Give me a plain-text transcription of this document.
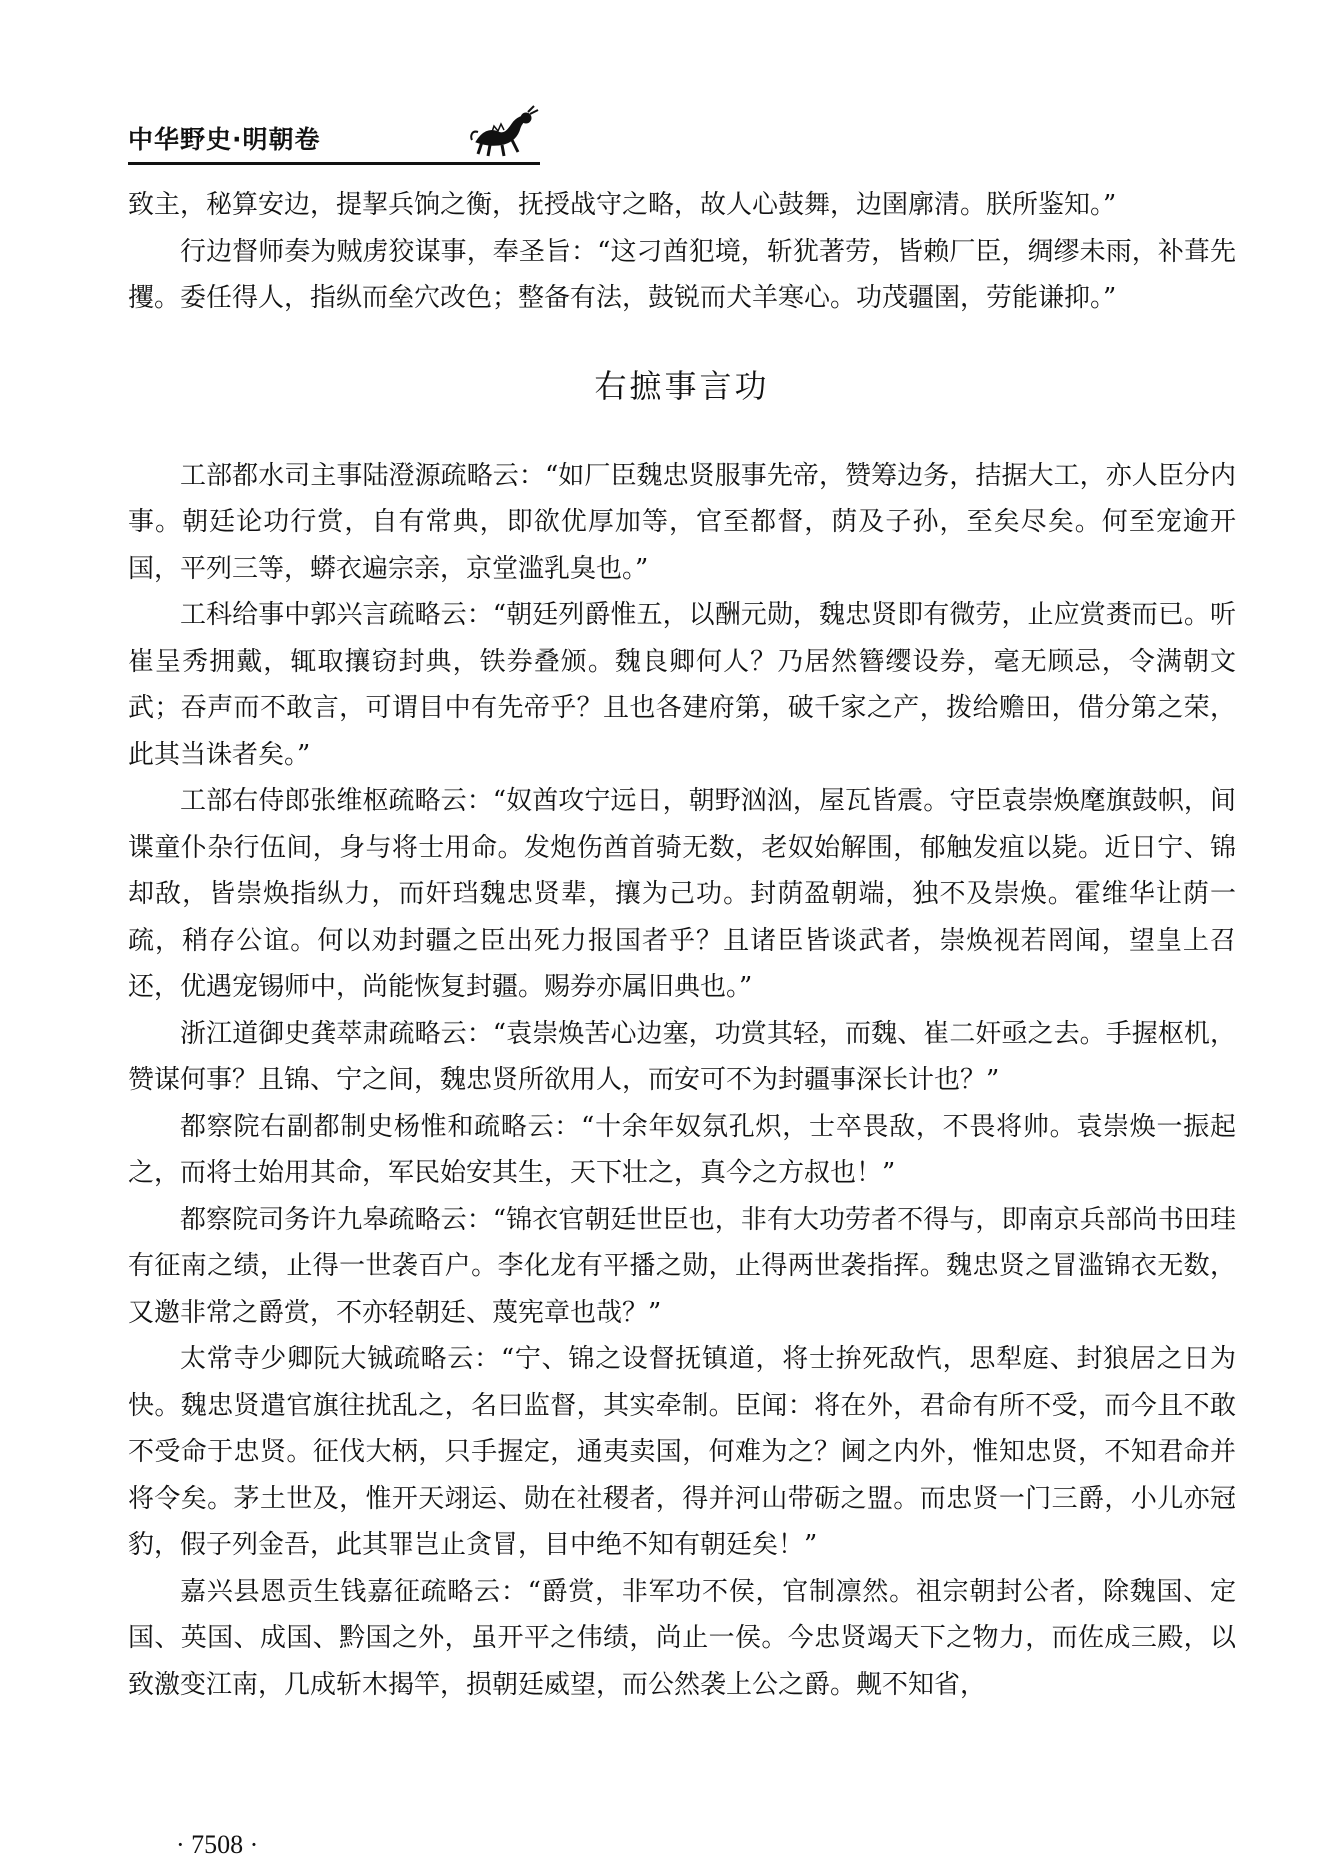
中华野史·明朝卷

致主，秘算安边，提挈兵饷之衡，抚授战守之略，故人心鼓舞，边圉廓清。朕所鉴知。”

行边督师奏为贼虏狡谋事，奉圣旨：“这刁酋犯境，斩犹著劳，皆赖厂臣，绸缪未雨，补葺先攫。委任得人，指纵而垒穴改色；整备有法，鼓锐而犬羊寒心。功茂疆圉，劳能谦抑。”

右摭事言功

工部都水司主事陆澄源疏略云：“如厂臣魏忠贤服事先帝，赞筹边务，拮据大工，亦人臣分内事。朝廷论功行赏，自有常典，即欲优厚加等，官至都督，荫及子孙，至矣尽矣。何至宠逾开国，平列三等，蟒衣遍宗亲，京堂滥乳臭也。”

工科给事中郭兴言疏略云：“朝廷列爵惟五，以酬元勋，魏忠贤即有微劳，止应赏赉而已。听崔呈秀拥戴，辄取攘窃封典，铁券叠颁。魏良卿何人？乃居然簪缨设券，毫无顾忌，令满朝文武；吞声而不敢言，可谓目中有先帝乎？且也各建府第，破千家之产，拨给赡田，借分第之荣，此其当诛者矣。”

工部右侍郎张维枢疏略云：“奴酋攻宁远日，朝野汹汹，屋瓦皆震。守臣袁崇焕麾旗鼓帜，间谍童仆杂行伍间，身与将士用命。发炮伤酋首骑无数，老奴始解围，郁触发疽以毙。近日宁、锦却敌，皆崇焕指纵力，而奸珰魏忠贤辈，攘为己功。封荫盈朝端，独不及崇焕。霍维华让荫一疏，稍存公谊。何以劝封疆之臣出死力报国者乎？且诸臣皆谈武者，崇焕视若罔闻，望皇上召还，优遇宠锡师中，尚能恢复封疆。赐券亦属旧典也。”

浙江道御史龚萃肃疏略云：“袁崇焕苦心边塞，功赏其轻，而魏、崔二奸亟之去。手握枢机，赞谋何事？且锦、宁之间，魏忠贤所欲用人，而安可不为封疆事深长计也？”

都察院右副都制史杨惟和疏略云：“十余年奴氛孔炽，士卒畏敌，不畏将帅。袁崇焕一振起之，而将士始用其命，军民始安其生，天下壮之，真今之方叔也！”

都察院司务许九皋疏略云：“锦衣官朝廷世臣也，非有大功劳者不得与，即南京兵部尚书田珪有征南之绩，止得一世袭百户。李化龙有平播之勋，止得两世袭指挥。魏忠贤之冒滥锦衣无数，又邀非常之爵赏，不亦轻朝廷、蔑宪章也哉？”

太常寺少卿阮大铖疏略云：“宁、锦之设督抚镇道，将士拚死敌忾，思犁庭、封狼居之日为快。魏忠贤遣官旗往扰乱之，名曰监督，其实牵制。臣闻：将在外，君命有所不受，而今且不敢不受命于忠贤。征伐大柄，只手握定，通夷卖国，何难为之？阃之内外，惟知忠贤，不知君命并将令矣。茅土世及，惟开天翊运、勋在社稷者，得并河山带砺之盟。而忠贤一门三爵，小儿亦冠豹，假子列金吾，此其罪岂止贪冒，目中绝不知有朝廷矣！”

嘉兴县恩贡生钱嘉征疏略云：“爵赏，非军功不侯，官制凛然。祖宗朝封公者，除魏国、定国、英国、成国、黔国之外，虽开平之伟绩，尚止一侯。今忠贤竭天下之物力，而佐成三殿，以致激变江南，几成斩木揭竿，损朝廷威望，而公然袭上公之爵。觍不知省，

· 7508 ·
